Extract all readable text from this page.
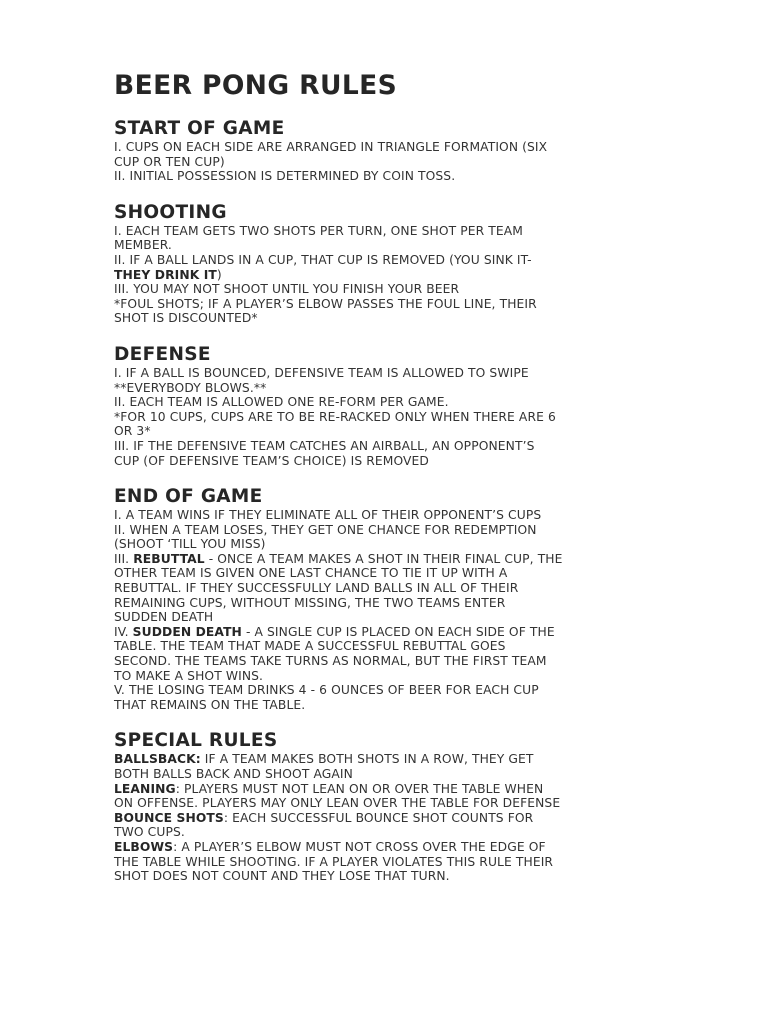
BEER PONG RULES
START OF GAME

I. CUPS ON EACH SIDE ARE ARRANGED IN TRIANGLE FORMATION (SIX

CUP OR TEN CUP)

II. INITIAL POSSESSION IS DETERMINED BY COIN TOSS.

SHOOTING

I. EACH TEAM GETS TWO SHOTS PER TURN, ONE SHOT PER TEAM

MEMBER.

II. IF A BALL LANDS IN A CUP, THAT CUP IS REMOVED (YOU SINK IT-

THEY DRINK IT)

III. YOU MAY NOT SHOOT UNTIL YOU FINISH YOUR BEER

*FOUL SHOTS; IF A PLAYER’S ELBOW PASSES THE FOUL LINE, THEIR

SHOT IS DISCOUNTED*

DEFENSE

I. IF A BALL IS BOUNCED, DEFENSIVE TEAM IS ALLOWED TO SWIPE

**EVERYBODY BLOWS.**

II. EACH TEAM IS ALLOWED ONE RE-FORM PER GAME.

*FOR 10 CUPS, CUPS ARE TO BE RE-RACKED ONLY WHEN THERE ARE 6

OR 3*

III. IF THE DEFENSIVE TEAM CATCHES AN AIRBALL, AN OPPONENT’S

CUP (OF DEFENSIVE TEAM’S CHOICE) IS REMOVED

END OF GAME

I. A TEAM WINS IF THEY ELIMINATE ALL OF THEIR OPPONENT’S CUPS

II. WHEN A TEAM LOSES, THEY GET ONE CHANCE FOR REDEMPTION

(SHOOT ‘TILL YOU MISS)

III. REBUTTAL - ONCE A TEAM MAKES A SHOT IN THEIR FINAL CUP, THE

OTHER TEAM IS GIVEN ONE LAST CHANCE TO TIE IT UP WITH A

REBUTTAL. IF THEY SUCCESSFULLY LAND BALLS IN ALL OF THEIR

REMAINING CUPS, WITHOUT MISSING, THE TWO TEAMS ENTER

SUDDEN DEATH

IV. SUDDEN DEATH - A SINGLE CUP IS PLACED ON EACH SIDE OF THE

TABLE. THE TEAM THAT MADE A SUCCESSFUL REBUTTAL GOES

SECOND. THE TEAMS TAKE TURNS AS NORMAL, BUT THE FIRST TEAM

TO MAKE A SHOT WINS.

V. THE LOSING TEAM DRINKS 4 - 6 OUNCES OF BEER FOR EACH CUP

THAT REMAINS ON THE TABLE.

SPECIAL RULES

BALLSBACK: IF A TEAM MAKES BOTH SHOTS IN A ROW, THEY GET

BOTH BALLS BACK AND SHOOT AGAIN

LEANING: PLAYERS MUST NOT LEAN ON OR OVER THE TABLE WHEN

ON OFFENSE. PLAYERS MAY ONLY LEAN OVER THE TABLE FOR DEFENSE

BOUNCE SHOTS: EACH SUCCESSFUL BOUNCE SHOT COUNTS FOR

TWO CUPS.

ELBOWS: A PLAYER’S ELBOW MUST NOT CROSS OVER THE EDGE OF

THE TABLE WHILE SHOOTING. IF A PLAYER VIOLATES THIS RULE THEIR

SHOT DOES NOT COUNT AND THEY LOSE THAT TURN.
